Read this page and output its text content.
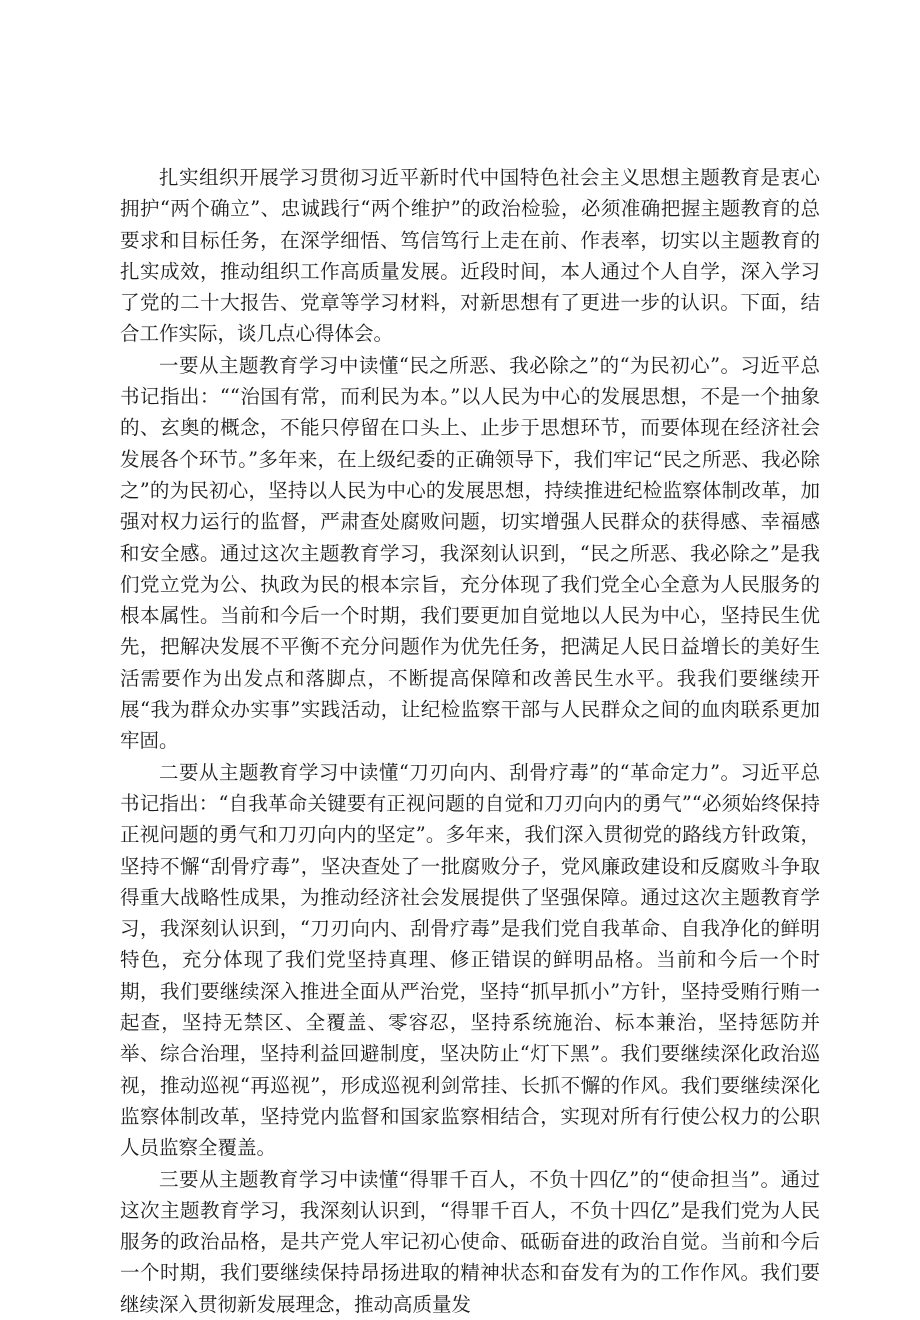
扎实组织开展学习贯彻习近平新时代中国特色社会主义思想主题教育是衷心拥护“两个确立”、忠诚践行“两个维护”的政治检验，必须准确把握主题教育的总要求和目标任务，在深学细悟、笃信笃行上走在前、作表率，切实以主题教育的扎实成效，推动组织工作高质量发展。近段时间，本人通过个人自学，深入学习了党的二十大报告、党章等学习材料，对新思想有了更进一步的认识。下面，结合工作实际，谈几点心得体会。

一要从主题教育学习中读懂“民之所恶、我必除之”的“为民初心”。习近平总书记指出：““治国有常，而利民为本。”以人民为中心的发展思想，不是一个抽象的、玄奥的概念，不能只停留在口头上、止步于思想环节，而要体现在经济社会发展各个环节。”多年来，在上级纪委的正确领导下，我们牢记“民之所恶、我必除之”的为民初心，坚持以人民为中心的发展思想，持续推进纪检监察体制改革，加强对权力运行的监督，严肃查处腐败问题，切实增强人民群众的获得感、幸福感和安全感。通过这次主题教育学习，我深刻认识到，“民之所恶、我必除之”是我们党立党为公、执政为民的根本宗旨，充分体现了我们党全心全意为人民服务的根本属性。当前和今后一个时期，我们要更加自觉地以人民为中心，坚持民生优先，把解决发展不平衡不充分问题作为优先任务，把满足人民日益增长的美好生活需要作为出发点和落脚点，不断提高保障和改善民生水平。我我们要继续开展“我为群众办实事”实践活动，让纪检监察干部与人民群众之间的血肉联系更加牢固。

二要从主题教育学习中读懂“刀刃向内、刮骨疗毒”的“革命定力”。习近平总书记指出：“自我革命关键要有正视问题的自觉和刀刃向内的勇气”“必须始终保持正视问题的勇气和刀刃向内的坚定”。多年来，我们深入贯彻党的路线方针政策，坚持不懈“刮骨疗毒”，坚决查处了一批腐败分子，党风廉政建设和反腐败斗争取得重大战略性成果，为推动经济社会发展提供了坚强保障。通过这次主题教育学习，我深刻认识到，“刀刃向内、刮骨疗毒”是我们党自我革命、自我净化的鲜明特色，充分体现了我们党坚持真理、修正错误的鲜明品格。当前和今后一个时期，我们要继续深入推进全面从严治党，坚持“抓早抓小”方针，坚持受贿行贿一起查，坚持无禁区、全覆盖、零容忍，坚持系统施治、标本兼治，坚持惩防并举、综合治理，坚持利益回避制度，坚决防止“灯下黑”。我们要继续深化政治巡视，推动巡视“再巡视”，形成巡视利剑常挂、长抓不懈的作风。我们要继续深化监察体制改革，坚持党内监督和国家监察相结合，实现对所有行使公权力的公职人员监察全覆盖。

三要从主题教育学习中读懂“得罪千百人，不负十四亿”的“使命担当”。通过这次主题教育学习，我深刻认识到，“得罪千百人，不负十四亿”是我们党为人民服务的政治品格，是共产党人牢记初心使命、砥砺奋进的政治自觉。当前和今后一个时期，我们要继续保持昂扬进取的精神状态和奋发有为的工作作风。我们要继续深入贯彻新发展理念，推动高质量发
